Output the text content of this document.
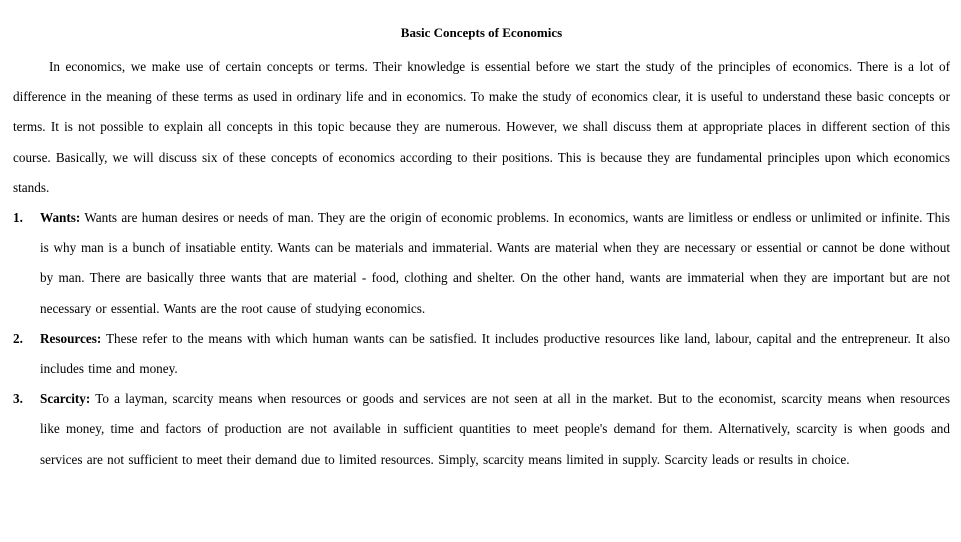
Basic Concepts of Economics

In economics, we make use of certain concepts or terms. Their knowledge is essential before we start the study of the principles of economics. There is a lot of difference in the meaning of these terms as used in ordinary life and in economics. To make the study of economics clear, it is useful to understand these basic concepts or terms. It is not possible to explain all concepts in this topic because they are numerous. However, we shall discuss them at appropriate places in different section of this course. Basically, we will discuss six of these concepts of economics according to their positions. This is because they are fundamental principles upon which economics stands.

1. Wants: Wants are human desires or needs of man. They are the origin of economic problems. In economics, wants are limitless or endless or unlimited or infinite. This is why man is a bunch of insatiable entity. Wants can be materials and immaterial. Wants are material when they are necessary or essential or cannot be done without by man. There are basically three wants that are material - food, clothing and shelter. On the other hand, wants are immaterial when they are important but are not necessary or essential. Wants are the root cause of studying economics.
2. Resources: These refer to the means with which human wants can be satisfied. It includes productive resources like land, labour, capital and the entrepreneur. It also includes time and money.
3. Scarcity: To a layman, scarcity means when resources or goods and services are not seen at all in the market. But to the economist, scarcity means when resources like money, time and factors of production are not available in sufficient quantities to meet people's demand for them. Alternatively, scarcity is when goods and services are not sufficient to meet their demand due to limited resources. Simply, scarcity means limited in supply. Scarcity leads or results in choice.
